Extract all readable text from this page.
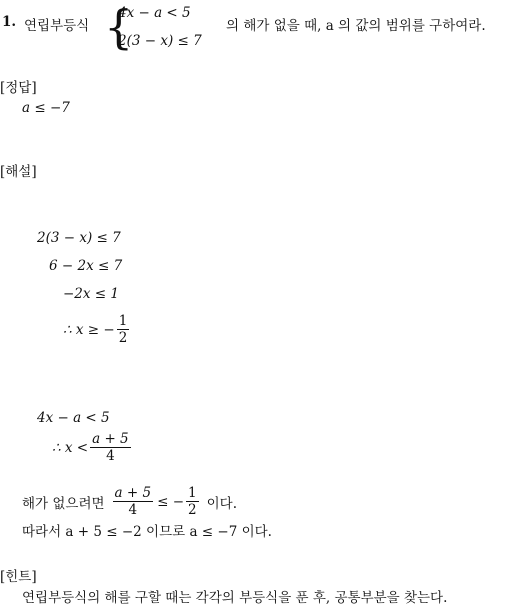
1. 연립부등식 {
4x − a < 5
2(3 − x) ≤ 7
의 해가 없을 때, a 의 값의 범위를 구하여라.
[정답]
a ≤ −7
[해설]
2(3 − x) ≤ 7
6 − 2x ≤ 7
−2x ≤ 1
∴ x ≥ − $\frac{1}{2}$
4x − a < 5
∴ $x < \frac{a + 5}{4}$
해가 없으려면 $\frac{a + 5}{4}$ ≤ − $\frac{1}{2}$ 이다.
따라서 a + 5 ≤ −2 이므로 a ≤ −7 이다.
[힌트]
연립부등식의 해를 구할 때는 각각의 부등식을 푼 후, 공통부분을 찾는다.
